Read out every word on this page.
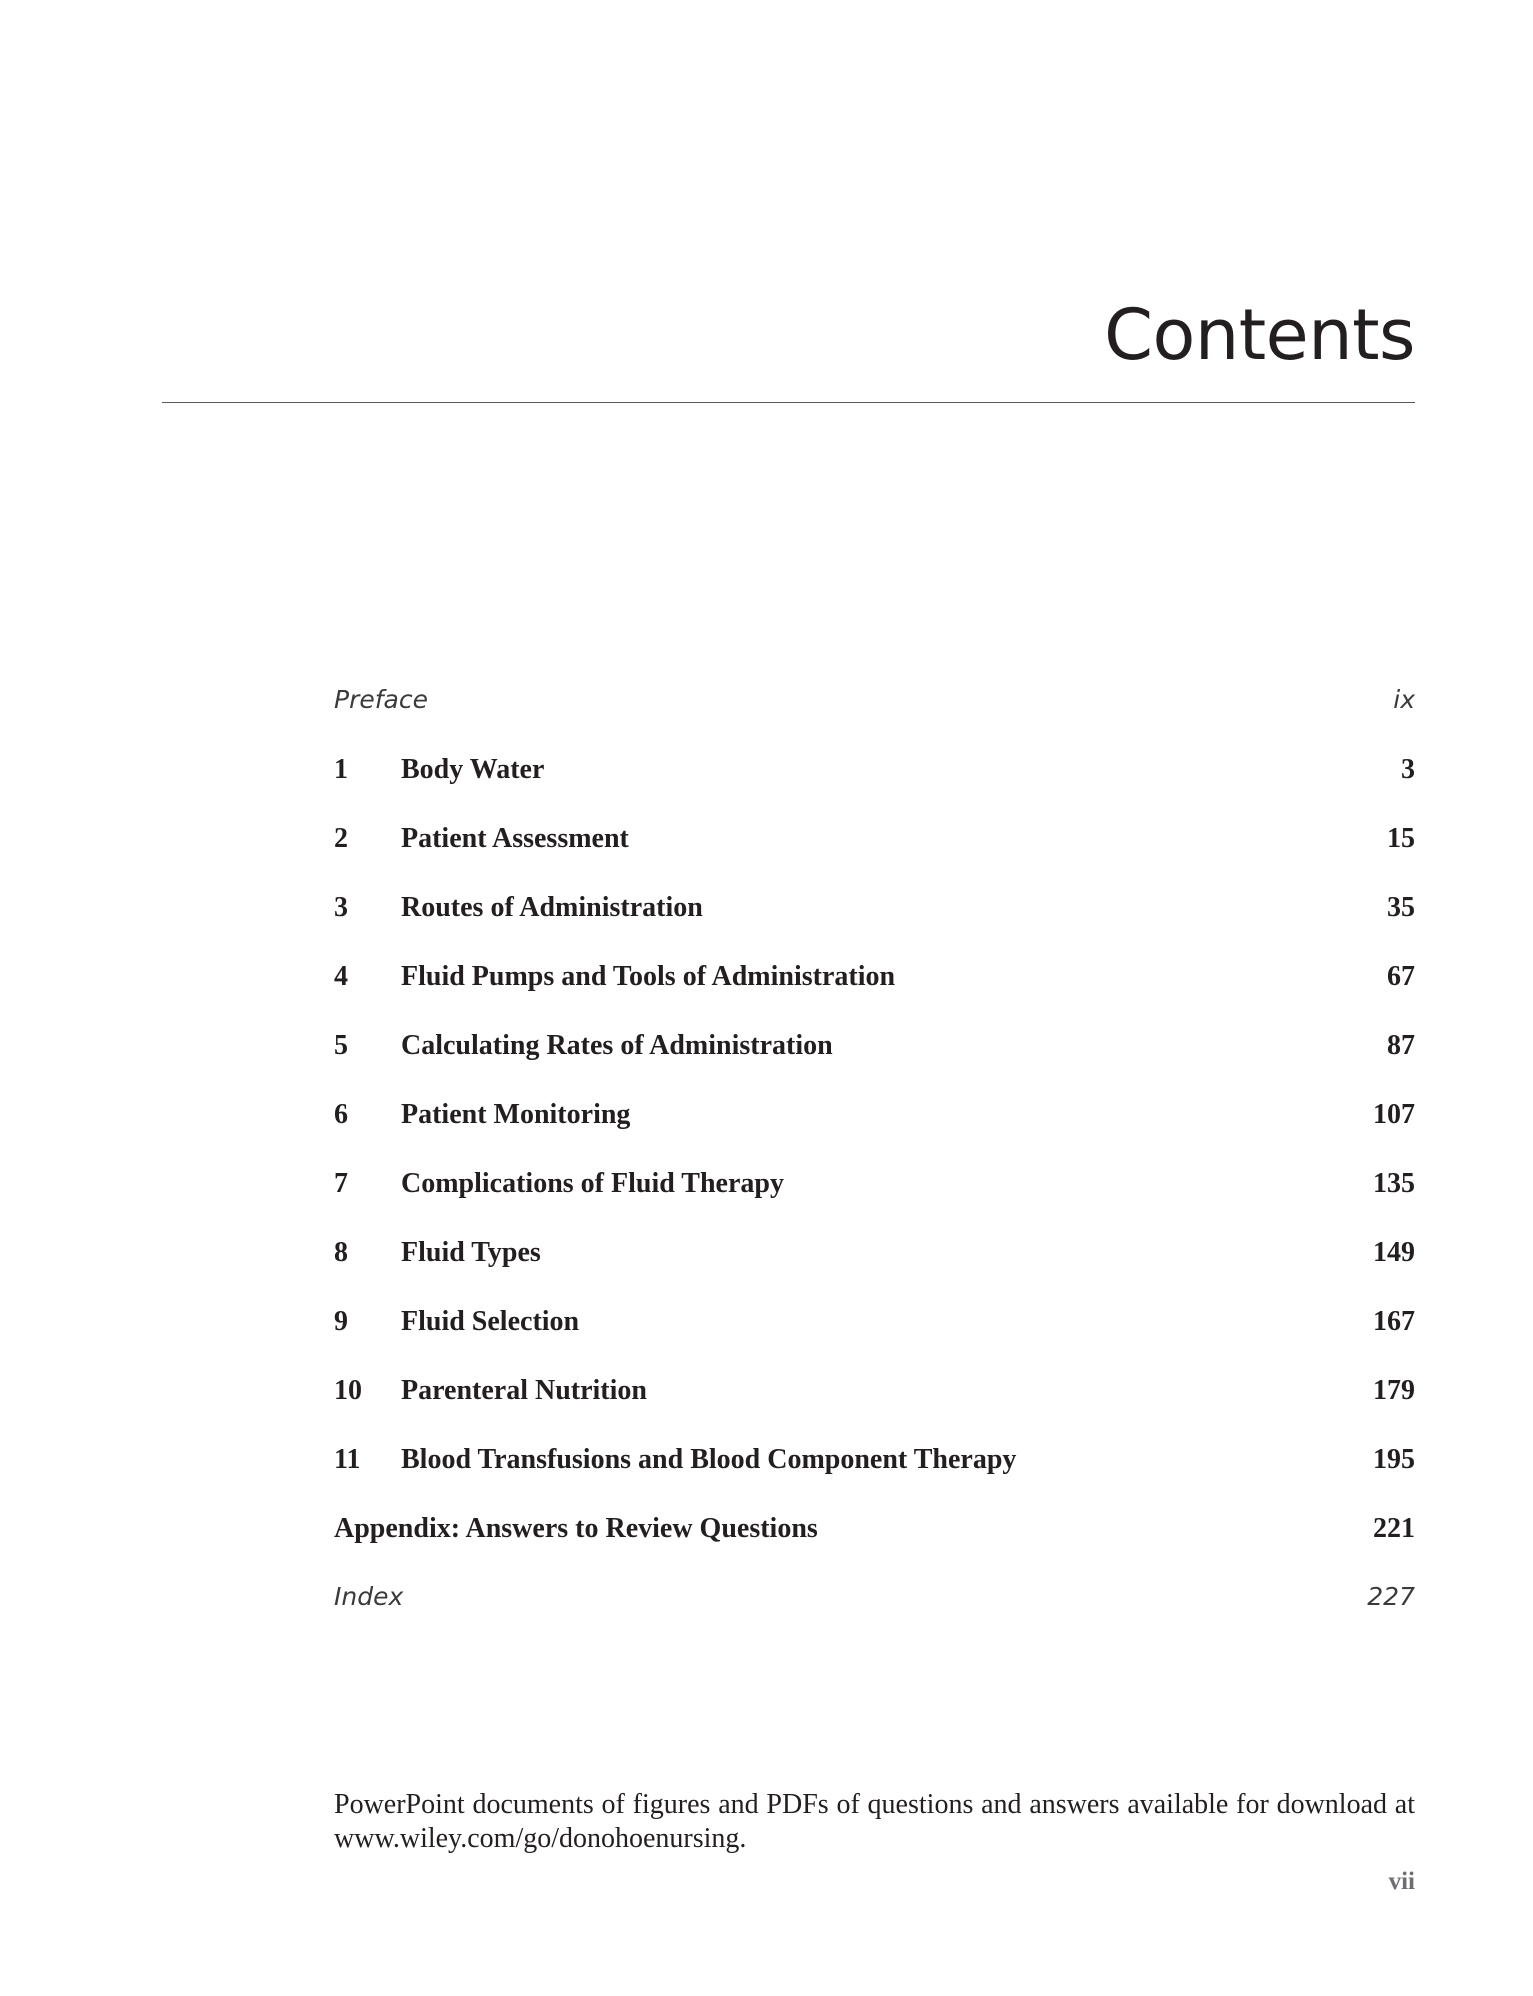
Contents
Preface	ix
1 Body Water	3
2 Patient Assessment	15
3 Routes of Administration	35
4 Fluid Pumps and Tools of Administration	67
5 Calculating Rates of Administration	87
6 Patient Monitoring	107
7 Complications of Fluid Therapy	135
8 Fluid Types	149
9 Fluid Selection	167
10 Parenteral Nutrition	179
11 Blood Transfusions and Blood Component Therapy	195
Appendix: Answers to Review Questions	221
Index	227

PowerPoint documents of figures and PDFs of questions and answers available for download at www.wiley.com/go/donohoenursing.

vii
